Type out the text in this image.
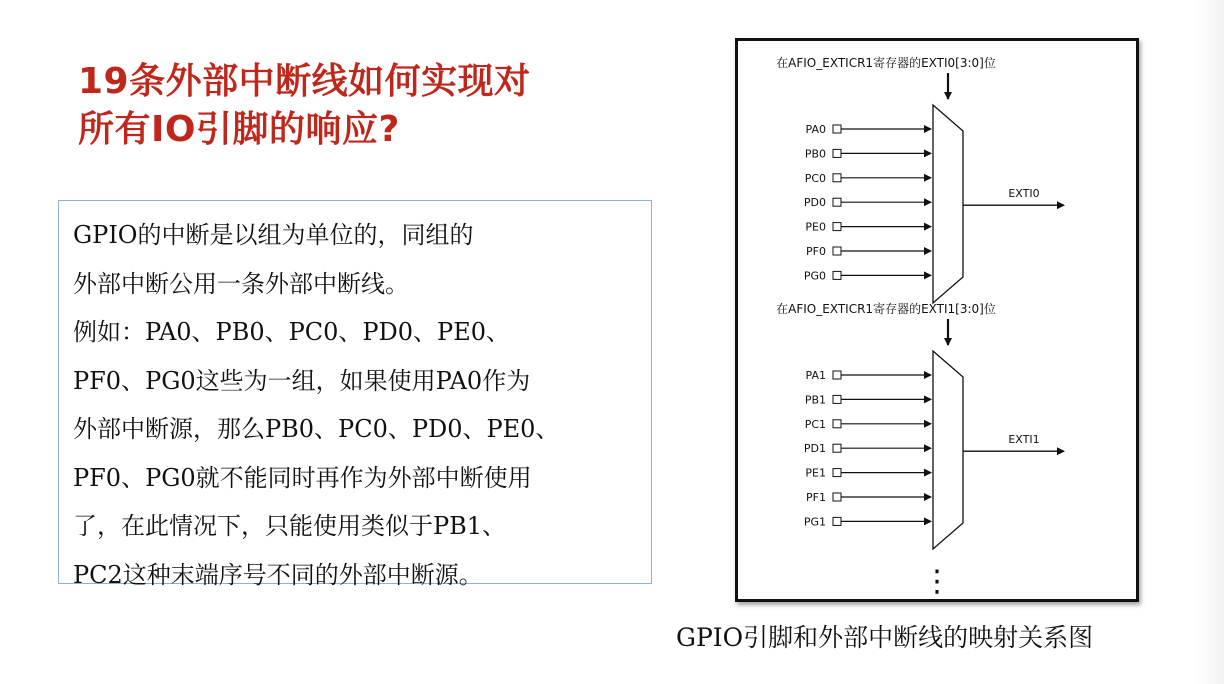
19条外部中断线如何实现对
所有IO引脚的响应?
GPIO的中断是以组为单位的，同组的
外部中断公用一条外部中断线。
例如：PA0、PB0、PC0、PD0、PE0、
PF0、PG0这些为一组，如果使用PA0作为
外部中断源，那么PB0、PC0、PD0、PE0、
PF0、PG0就不能同时再作为外部中断使用
了，在此情况下，只能使用类似于PB1、
PC2这种末端序号不同的外部中断源。
在AFIO_EXTICR1寄存器的EXTI0[3:0]位
PA0
PB0
PC0
PD0
PE0
PF0
PG0
EXTI0
在AFIO_EXTICR1寄存器的EXTI1[3:0]位
PA1
PB1
PC1
PD1
PE1
PF1
PG1
EXTI1
⋮
GPIO引脚和外部中断线的映射关系图
